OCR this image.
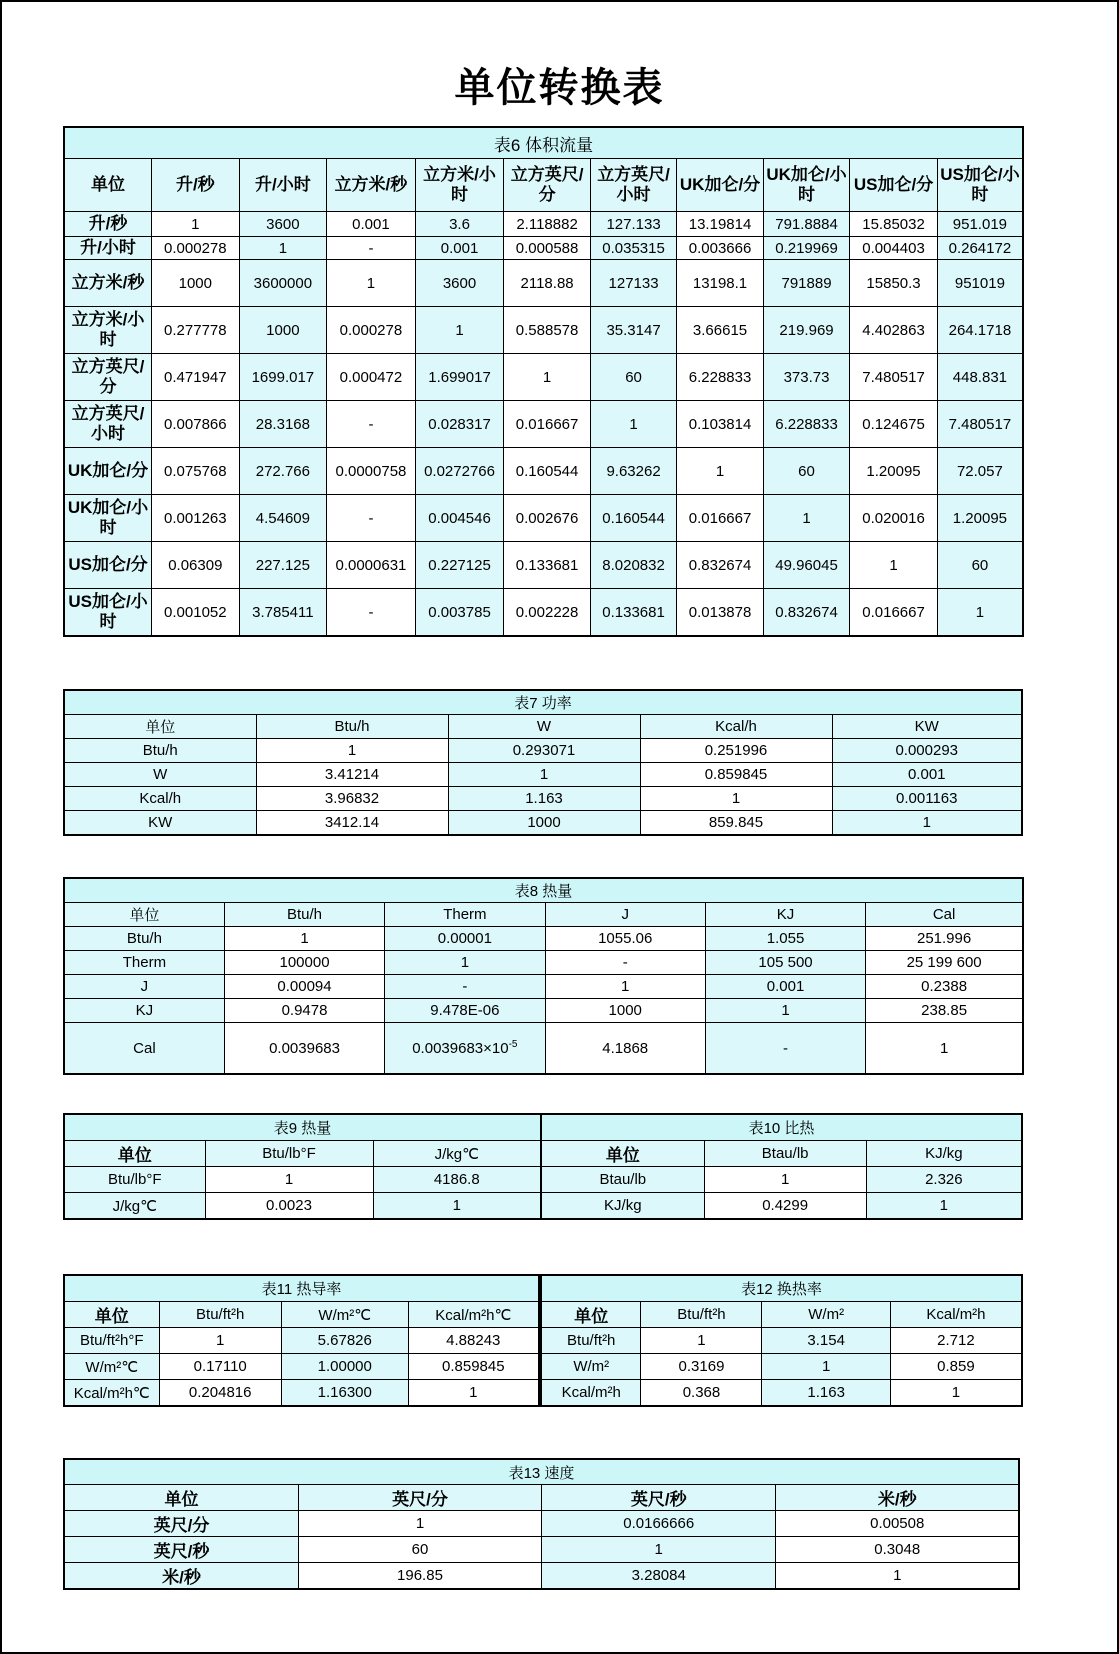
单位转换表
表6 体积流量										
单位	升/秒	升/小时	立方米/秒	立方米/小时	立方英尺/分	立方英尺/小时	UK加仑/分	UK加仑/小时	US加仑/分	US加仑/小时
升/秒	1	3600	0.001	3.6	2.118882	127.133	13.19814	791.8884	15.85032	951.019
升/小时	0.000278	1	-	0.001	0.000588	0.035315	0.003666	0.219969	0.004403	0.264172
立方米/秒	1000	3600000	1	3600	2118.88	127133	13198.1	791889	15850.3	951019
立方米/小时	0.277778	1000	0.000278	1	0.588578	35.3147	3.66615	219.969	4.402863	264.1718
立方英尺/分	0.471947	1699.017	0.000472	1.699017	1	60	6.228833	373.73	7.480517	448.831
立方英尺/小时	0.007866	28.3168	-	0.028317	0.016667	1	0.103814	6.228833	0.124675	7.480517
UK加仑/分	0.075768	272.766	0.0000758	0.0272766	0.160544	9.63262	1	60	1.20095	72.057
UK加仑/小时	0.001263	4.54609	-	0.004546	0.002676	0.160544	0.016667	1	0.020016	1.20095
US加仑/分	0.06309	227.125	0.0000631	0.227125	0.133681	8.020832	0.832674	49.96045	1	60
US加仑/小时	0.001052	3.785411	-	0.003785	0.002228	0.133681	0.013878	0.832674	0.016667	1
表7 功率				
单位	Btu/h	W	Kcal/h	KW
Btu/h	1	0.293071	0.251996	0.000293
W	3.41214	1	0.859845	0.001
Kcal/h	3.96832	1.163	1	0.001163
KW	3412.14	1000	859.845	1
表8 热量					
单位	Btu/h	Therm	J	KJ	Cal
Btu/h	1	0.00001	1055.06	1.055	251.996
Therm	100000	1	-	105 500	25 199 600
J	0.00094	-	1	0.001	0.2388
KJ	0.9478	9.478E-06	1000	1	238.85
Cal	0.0039683	$0.0039683\times 10^{-5}$	4.1868	-	1
表9 热量		
单位	Btu/lb°F	J/kg℃
Btu/lb°F	1	4186.8
J/kg℃	0.0023	1
表10 比热		
单位	Btau/lb	KJ/kg
Btau/lb	1	2.326
KJ/kg	0.4299	1
表11 热导率			
单位	Btu/ft²h	W/m²℃	Kcal/m²h℃
Btu/ft²h°F	1	5.67826	4.88243
W/m²℃	0.17110	1.00000	0.859845
Kcal/m²h℃	0.204816	1.16300	1
表12 换热率			
单位	Btu/ft²h	W/m²	Kcal/m²h
Btu/ft²h	1	3.154	2.712
W/m²	0.3169	1	0.859
Kcal/m²h	0.368	1.163	1
表13 速度			
单位	英尺/分	英尺/秒	米/秒
英尺/分	1	0.0166666	0.00508
英尺/秒	60	1	0.3048
米/秒	196.85	3.28084	1
